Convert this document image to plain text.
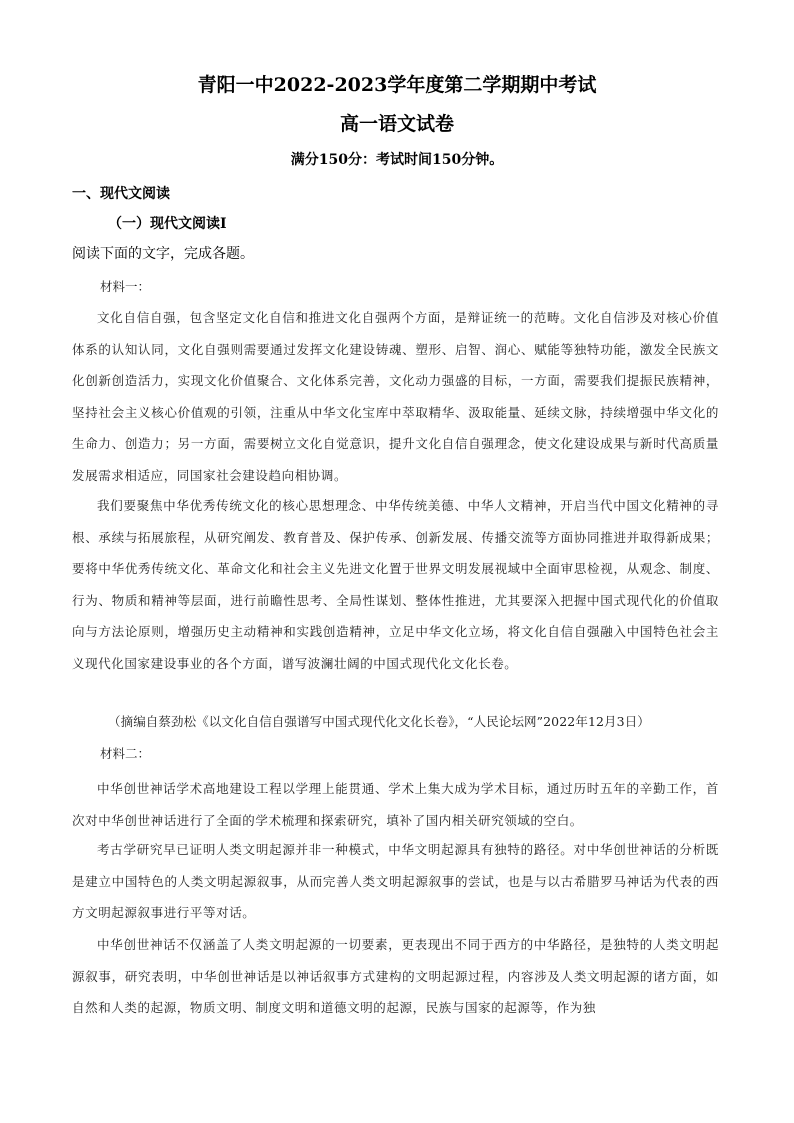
青阳一中2022-2023学年度第二学期期中考试
高一语文试卷

满分150分：考试时间150分钟。

一、现代文阅读

（一）现代文阅读Ⅰ

阅读下面的文字，完成各题。

材料一：

文化自信自强，包含坚定文化自信和推进文化自强两个方面，是辩证统一的范畴。文化自信涉及对核心价值体系的认知认同，文化自强则需要通过发挥文化建设铸魂、塑形、启智、润心、赋能等独特功能，激发全民族文化创新创造活力，实现文化价值聚合、文化体系完善，文化动力强盛的目标，一方面，需要我们提振民族精神，坚持社会主义核心价值观的引领，注重从中华文化宝库中萃取精华、汲取能量、延续文脉，持续增强中华文化的生命力、创造力；另一方面，需要树立文化自觉意识，提升文化自信自强理念，使文化建设成果与新时代高质量发展需求相适应，同国家社会建设趋向相协调。

我们要聚焦中华优秀传统文化的核心思想理念、中华传统美德、中华人文精神，开启当代中国文化精神的寻根、承续与拓展旅程，从研究阐发、教育普及、保护传承、创新发展、传播交流等方面协同推进并取得新成果；要将中华优秀传统文化、革命文化和社会主义先进文化置于世界文明发展视域中全面审思检视，从观念、制度、行为、物质和精神等层面，进行前瞻性思考、全局性谋划、整体性推进，尤其要深入把握中国式现代化的价值取向与方法论原则，增强历史主动精神和实践创造精神，立足中华文化立场，将文化自信自强融入中国特色社会主义现代化国家建设事业的各个方面，谱写波澜壮阔的中国式现代化文化长卷。

（摘编自蔡劲松《以文化自信自强谱写中国式现代化文化长卷》，“人民论坛网”2022年12月3日）

材料二：

中华创世神话学术高地建设工程以学理上能贯通、学术上集大成为学术目标，通过历时五年的辛勤工作，首次对中华创世神话进行了全面的学术梳理和探索研究，填补了国内相关研究领域的空白。

考古学研究早已证明人类文明起源并非一种模式，中华文明起源具有独特的路径。对中华创世神话的分析既是建立中国特色的人类文明起源叙事，从而完善人类文明起源叙事的尝试，也是与以古希腊罗马神话为代表的西方文明起源叙事进行平等对话。

中华创世神话不仅涵盖了人类文明起源的一切要素，更表现出不同于西方的中华路径，是独特的人类文明起源叙事，研究表明，中华创世神话是以神话叙事方式建构的文明起源过程，内容涉及人类文明起源的诸方面，如自然和人类的起源，物质文明、制度文明和道德文明的起源，民族与国家的起源等，作为独
